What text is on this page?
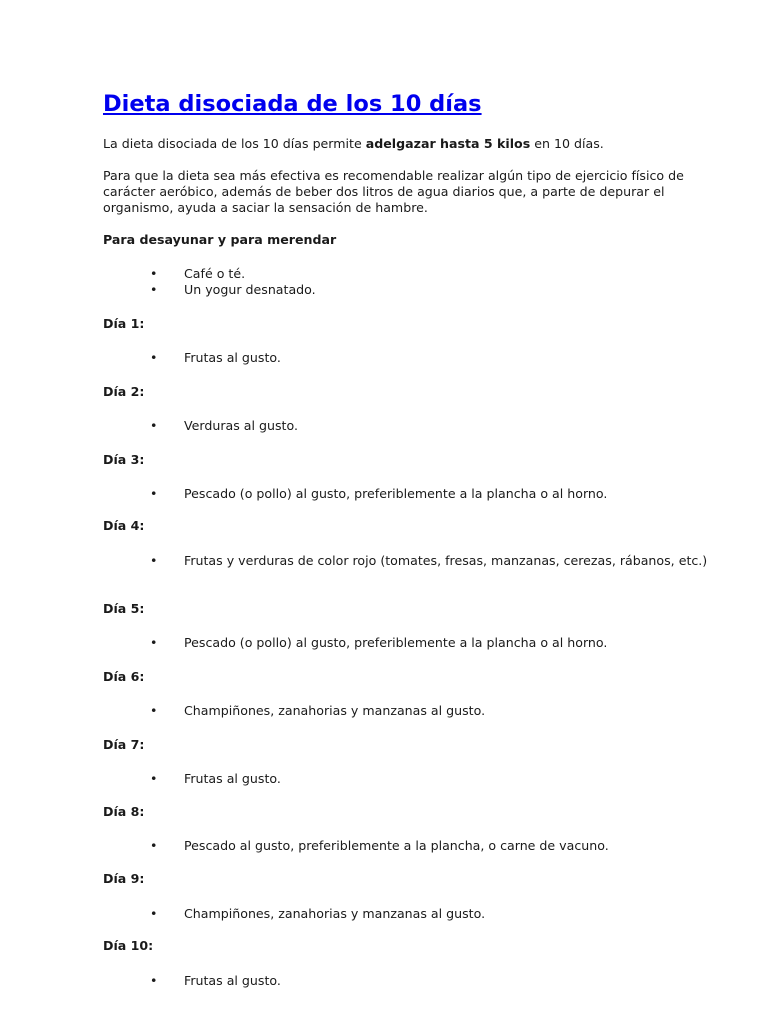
Dieta disociada de los 10 días

La dieta disociada de los 10 días permite adelgazar hasta 5 kilos en 10 días.

Para que la dieta sea más efectiva es recomendable realizar algún tipo de ejercicio físico de carácter aeróbico, además de beber dos litros de agua diarios que, a parte de depurar el organismo, ayuda a saciar la sensación de hambre.

Para desayunar y para merendar

• Café o té.
• Un yogur desnatado.

Día 1:

• Frutas al gusto.

Día 2:

• Verduras al gusto.

Día 3:

• Pescado (o pollo) al gusto, preferiblemente a la plancha o al horno.

Día 4:

• Frutas y verduras de color rojo (tomates, fresas, manzanas, cerezas, rábanos, etc.)

Día 5:

• Pescado (o pollo) al gusto, preferiblemente a la plancha o al horno.

Día 6:

• Champiñones, zanahorias y manzanas al gusto.

Día 7:

• Frutas al gusto.

Día 8:

• Pescado al gusto, preferiblemente a la plancha, o carne de vacuno.

Día 9:

• Champiñones, zanahorias y manzanas al gusto.

Día 10:

• Frutas al gusto.
